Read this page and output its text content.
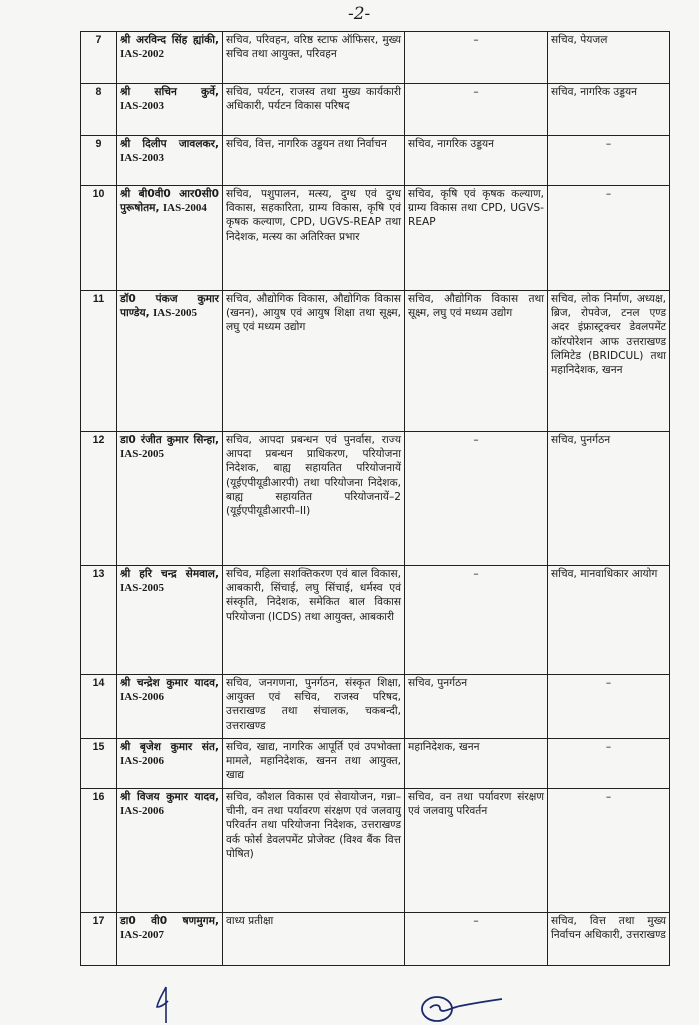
-2-
7	श्री अरविन्द सिंह ह्यांकी, IAS-2002	सचिव, परिवहन, वरिष्ठ स्टाफ ऑफिसर, मुख्य सचिव तथा आयुक्त, परिवहन	–	सचिव, पेयजल
8	श्री सचिन कुर्वे, IAS-2003	सचिव, पर्यटन, राजस्व तथा मुख्य कार्यकारी अधिकारी, पर्यटन विकास परिषद	–	सचिव, नागरिक उड्डयन
9	श्री दिलीप जावलकर, IAS-2003	सचिव, वित्त, नागरिक उड्डयन तथा निर्वाचन	सचिव, नागरिक उड्डयन	–
10	श्री बी0वी0 आर0सी0 पुरूषोतम, IAS-2004	सचिव, पशुपालन, मत्स्य, दुग्ध एवं दुग्ध विकास, सहकारिता, ग्राम्य विकास, कृषि एवं कृषक कल्याण, CPD, UGVS-REAP तथा निदेशक, मत्स्य का अतिरिक्त प्रभार	सचिव, कृषि एवं कृषक कल्याण, ग्राम्य विकास तथा CPD, UGVS-REAP	–
11	डॉ0 पंकज कुमार पाण्डेय, IAS-2005	सचिव, औद्योगिक विकास, औद्योगिक विकास (खनन), आयुष एवं आयुष शिक्षा तथा सूक्ष्म, लघु एवं मध्यम उद्योग	सचिव, औद्योगिक विकास तथा सूक्ष्म, लघु एवं मध्यम उद्योग	सचिव, लोक निर्माण, अध्यक्ष, ब्रिज, रोपवेज, टनल एण्ड अदर इंफ्रास्ट्रक्चर डेवलपमेंट कॉरपोरेशन आफ उत्तराखण्ड लिमिटेड (BRIDCUL) तथा महानिदेशक, खनन
12	डा0 रंजीत कुमार सिन्हा, IAS-2005	सचिव, आपदा प्रबन्धन एवं पुनर्वास, राज्य आपदा प्रबन्धन प्राधिकरण, परियोजना निदेशक, बाह्य सहायतित परियोजनायें (यूईएपीयूडीआरपी) तथा परियोजना निदेशक, बाह्य सहायतित परियोजनायें–2 (यूईएपीयूडीआरपी–II)	–	सचिव, पुनर्गठन
13	श्री हरि चन्द्र सेमवाल, IAS-2005	सचिव, महिला सशक्तिकरण एवं बाल विकास, आबकारी, सिंचाई, लघु सिंचाई, धर्मस्व एवं संस्कृति, निदेशक, समेकित बाल विकास परियोजना (ICDS) तथा आयुक्त, आबकारी	–	सचिव, मानवाधिकार आयोग
14	श्री चन्द्रेश कुमार यादव, IAS-2006	सचिव, जनगणना, पुनर्गठन, संस्कृत शिक्षा, आयुक्त एवं सचिव, राजस्व परिषद, उत्तराखण्ड तथा संचालक, चकबन्दी, उत्तराखण्ड	सचिव, पुनर्गठन	–
15	श्री बृजेश कुमार संत, IAS-2006	सचिव, खाद्य, नागरिक आपूर्ति एवं उपभोक्ता मामले, महानिदेशक, खनन तथा आयुक्त, खाद्य	महानिदेशक, खनन	–
16	श्री विजय कुमार यादव, IAS-2006	सचिव, कौशल विकास एवं सेवायोजन, गन्ना–चीनी, वन तथा पर्यावरण संरक्षण एवं जलवायु परिवर्तन तथा परियोजना निदेशक, उत्तराखण्ड वर्क फोर्स डेवलपमेंट प्रोजेक्ट (विश्व बैंक वित्त पोषित)	सचिव, वन तथा पर्यावरण संरक्षण एवं जलवायु परिवर्तन	–
17	डा0 वी0 षणमुगम, IAS-2007	वाध्य प्रतीक्षा	–	सचिव, वित्त तथा मुख्य निर्वाचन अधिकारी, उत्तराखण्ड
